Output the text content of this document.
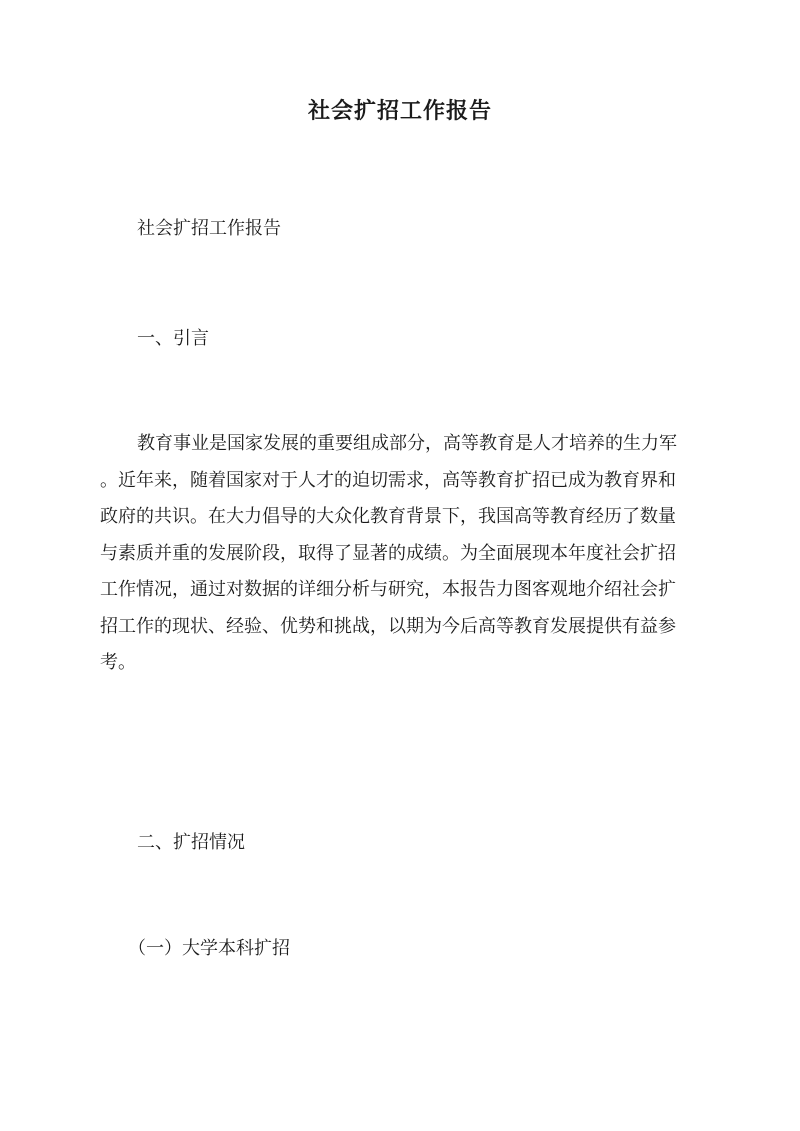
社会扩招工作报告
社会扩招工作报告
一、引言
教育事业是国家发展的重要组成部分，高等教育是人才培养的生力军
。近年来，随着国家对于人才的迫切需求，高等教育扩招已成为教育界和
政府的共识。在大力倡导的大众化教育背景下，我国高等教育经历了数量
与素质并重的发展阶段，取得了显著的成绩。为全面展现本年度社会扩招
工作情况，通过对数据的详细分析与研究，本报告力图客观地介绍社会扩
招工作的现状、经验、优势和挑战，以期为今后高等教育发展提供有益参
考。
二、扩招情况
（一）大学本科扩招
